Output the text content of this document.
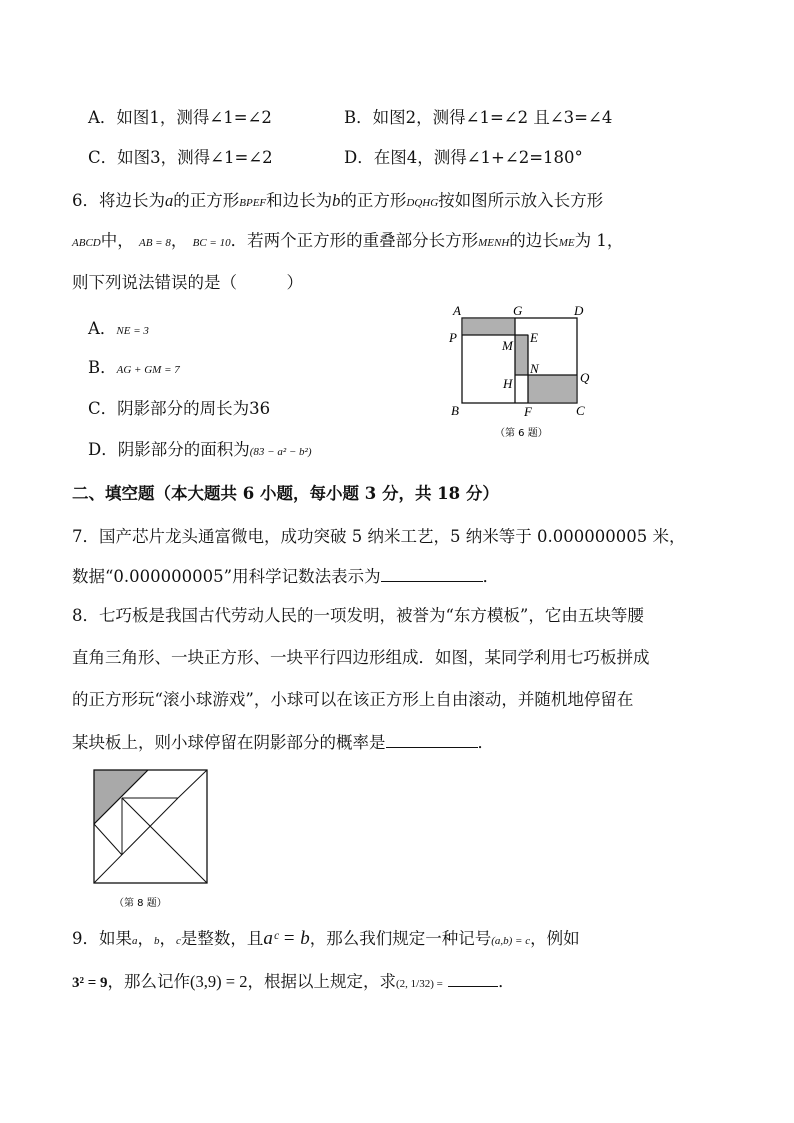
A．如图1，测得∠1=∠2	B．如图2，测得∠1=∠2 且∠3=∠4
C．如图3，测得∠1=∠2	D．在图4，测得∠1+∠2=180°
6．将边长为a的正方形BPEF和边长为b的正方形DQHG按如图所示放入长方形
ABCD中， AB = 8， BC = 10．若两个正方形的重叠部分长方形MENH的边长ME为 1，
则下列说法错误的是（　　　）
A．NE = 3
B．AG + GM = 7
C．阴影部分的周长为36
D．阴影部分的面积为(83 − a² − b²)
A	G	D
P	E
M
N
H	Q
B	F	C
（第 6 题）
二、填空题（本大题共 6 小题，每小题 3 分，共 18 分）
7．国产芯片龙头通富微电，成功突破 5 纳米工艺，5 纳米等于 0.000000005 米，
数据“0.000000005”用科学记数法表示为	．
8．七巧板是我国古代劳动人民的一项发明，被誉为“东方模板”，它由五块等腰
直角三角形、一块正方形、一块平行四边形组成．如图，某同学利用七巧板拼成
的正方形玩“滚小球游戏”，小球可以在该正方形上自由滚动，并随机地停留在
某块板上，则小球停留在阴影部分的概率是	．
（第 8 题）
9．如果a，b，c是整数，且aᶜ = b，那么我们规定一种记号(a,b) = c，例如
3² = 9，那么记作(3,9) = 2，根据以上规定，求(2, 1/32) =	．
